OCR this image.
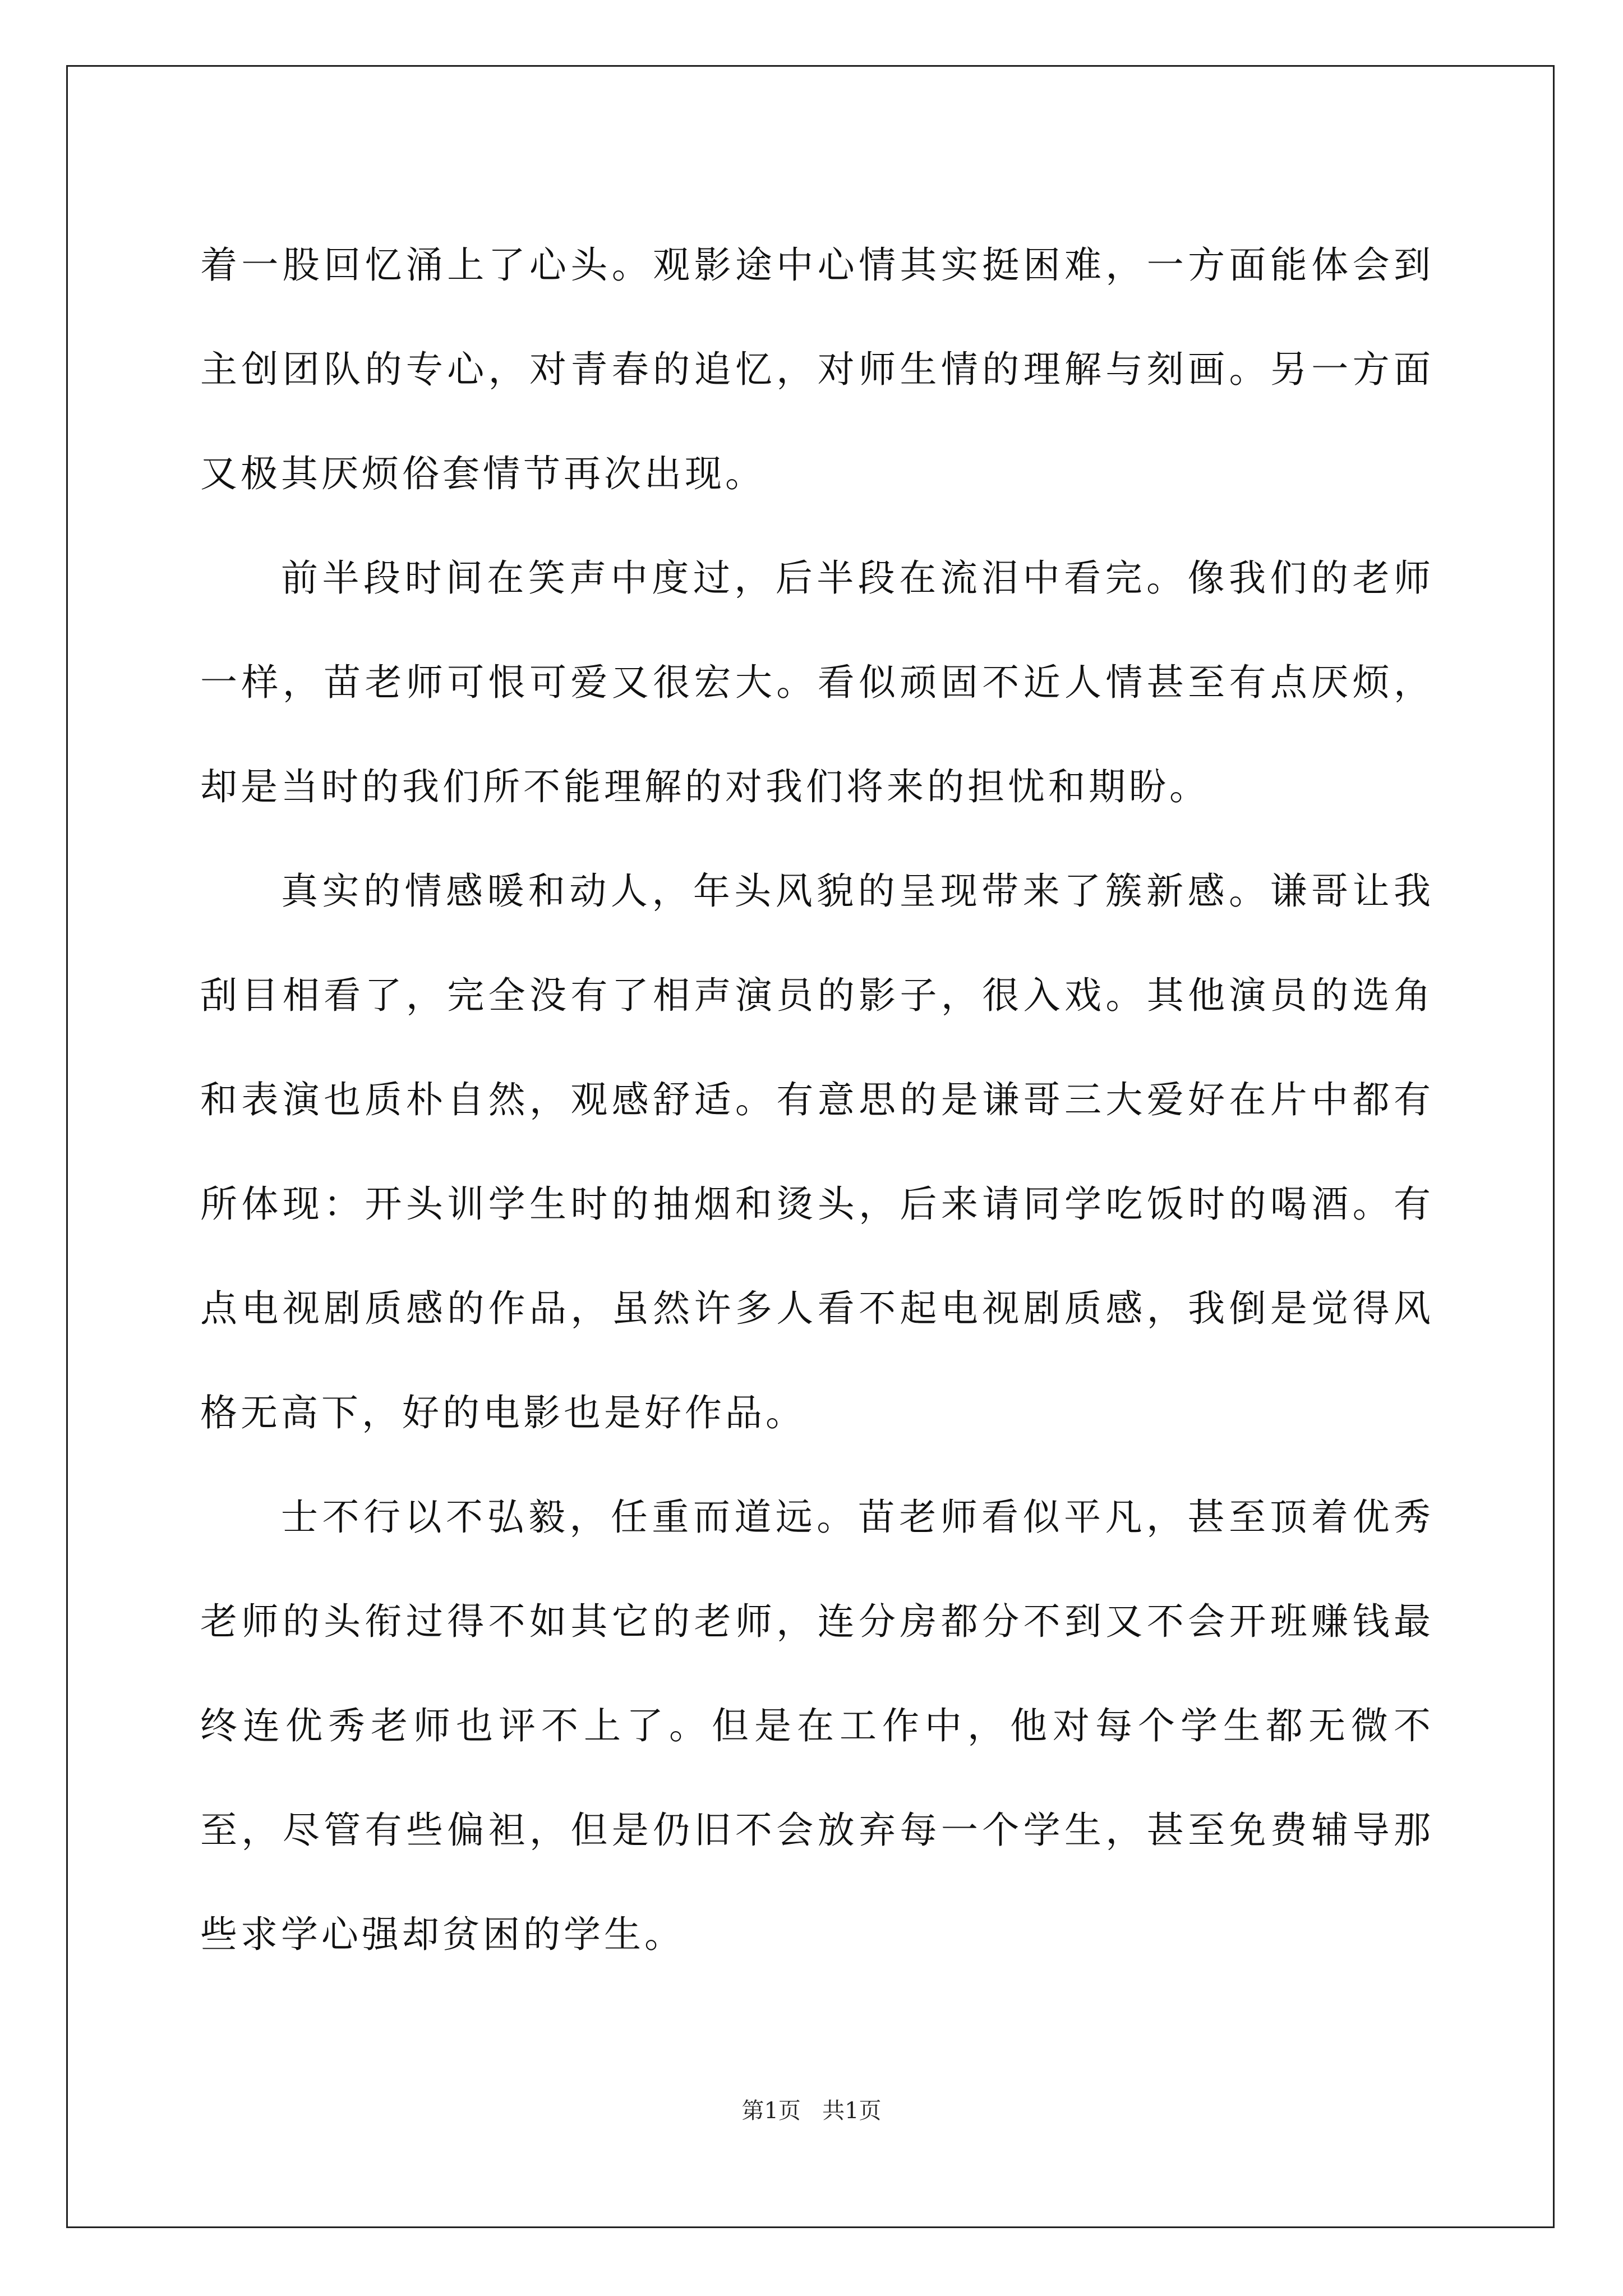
着一股回忆涌上了心头。观影途中心情其实挺困难，一方面能体会到主创团队的专心，对青春的追忆，对师生情的理解与刻画。另一方面又极其厌烦俗套情节再次出现。

前半段时间在笑声中度过，后半段在流泪中看完。像我们的老师一样，苗老师可恨可爱又很宏大。看似顽固不近人情甚至有点厌烦，却是当时的我们所不能理解的对我们将来的担忧和期盼。

真实的情感暖和动人，年头风貌的呈现带来了簇新感。谦哥让我刮目相看了，完全没有了相声演员的影子，很入戏。其他演员的选角和表演也质朴自然，观感舒适。有意思的是谦哥三大爱好在片中都有所体现：开头训学生时的抽烟和烫头，后来请同学吃饭时的喝酒。有点电视剧质感的作品，虽然许多人看不起电视剧质感，我倒是觉得风格无高下，好的电影也是好作品。

士不行以不弘毅，任重而道远。苗老师看似平凡，甚至顶着优秀老师的头衔过得不如其它的老师，连分房都分不到又不会开班赚钱最终连优秀老师也评不上了。但是在工作中，他对每个学生都无微不至，尽管有些偏袒，但是仍旧不会放弃每一个学生，甚至免费辅导那些求学心强却贫困的学生。

第1页 共1页
